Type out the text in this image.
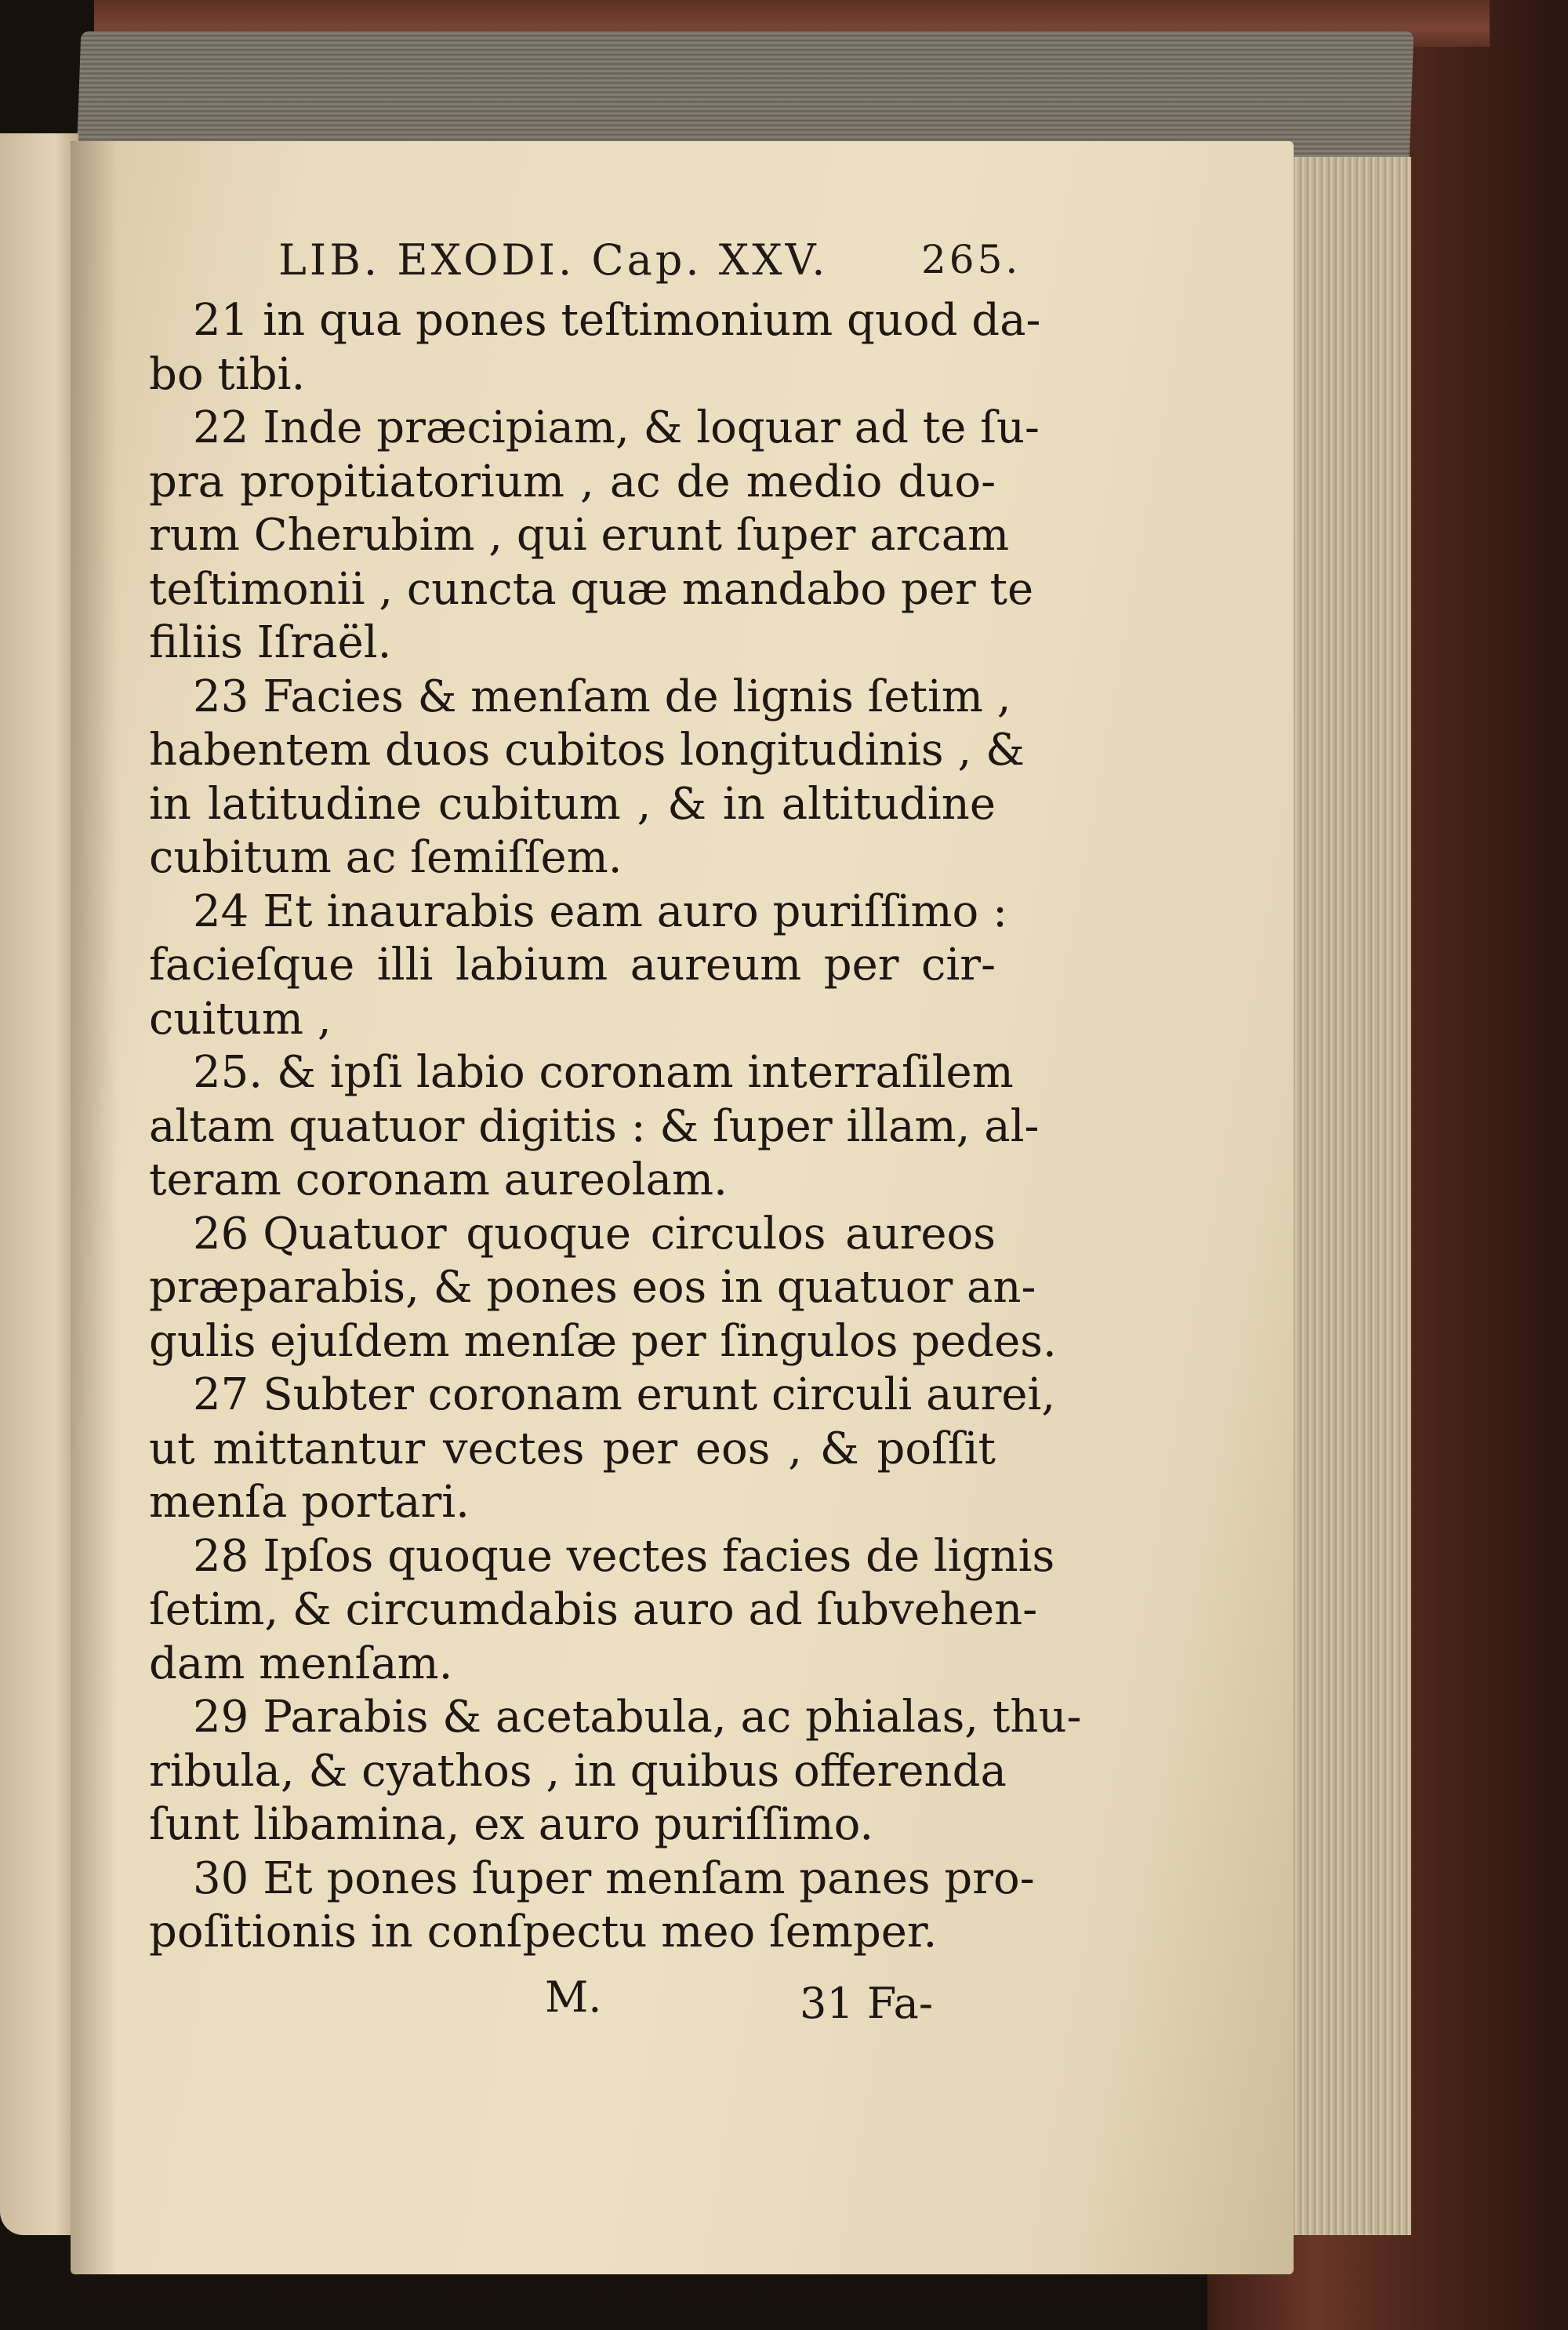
LIB. EXODI. Cap. XXV. 265.
21 in qua pones teſtimonium quod da-
bo tibi.
22 Inde præcipiam, & loquar ad te ſu-
pra propitiatorium , ac de medio duo-
rum Cherubim , qui erunt ſuper arcam
teſtimonii , cuncta quæ mandabo per te
filiis Iſraël.
23 Facies & menſam de lignis ſetim ,
habentem duos cubitos longitudinis , &
in latitudine cubitum , & in altitudine
cubitum ac ſemiſſem.
24 Et inaurabis eam auro puriſſimo :
facieſque illi labium aureum per cir-
cuitum ,
25. & ipſi labio coronam interraſilem
altam quatuor digitis : & ſuper illam, al-
teram coronam aureolam.
26 Quatuor quoque circulos aureos
præparabis, & pones eos in quatuor an-
gulis ejuſdem menſæ per ſingulos pedes.
27 Subter coronam erunt circuli aurei,
ut mittantur vectes per eos , & poſſit
menſa portari.
28 Ipſos quoque vectes facies de lignis
ſetim, & circumdabis auro ad ſubvehen-
dam menſam.
29 Parabis & acetabula, ac phialas, thu-
ribula, & cyathos , in quibus offerenda
ſunt libamina, ex auro puriſſimo.
30 Et pones ſuper menſam panes pro-
poſitionis in conſpectu meo ſemper.
M.	31 Fa-
